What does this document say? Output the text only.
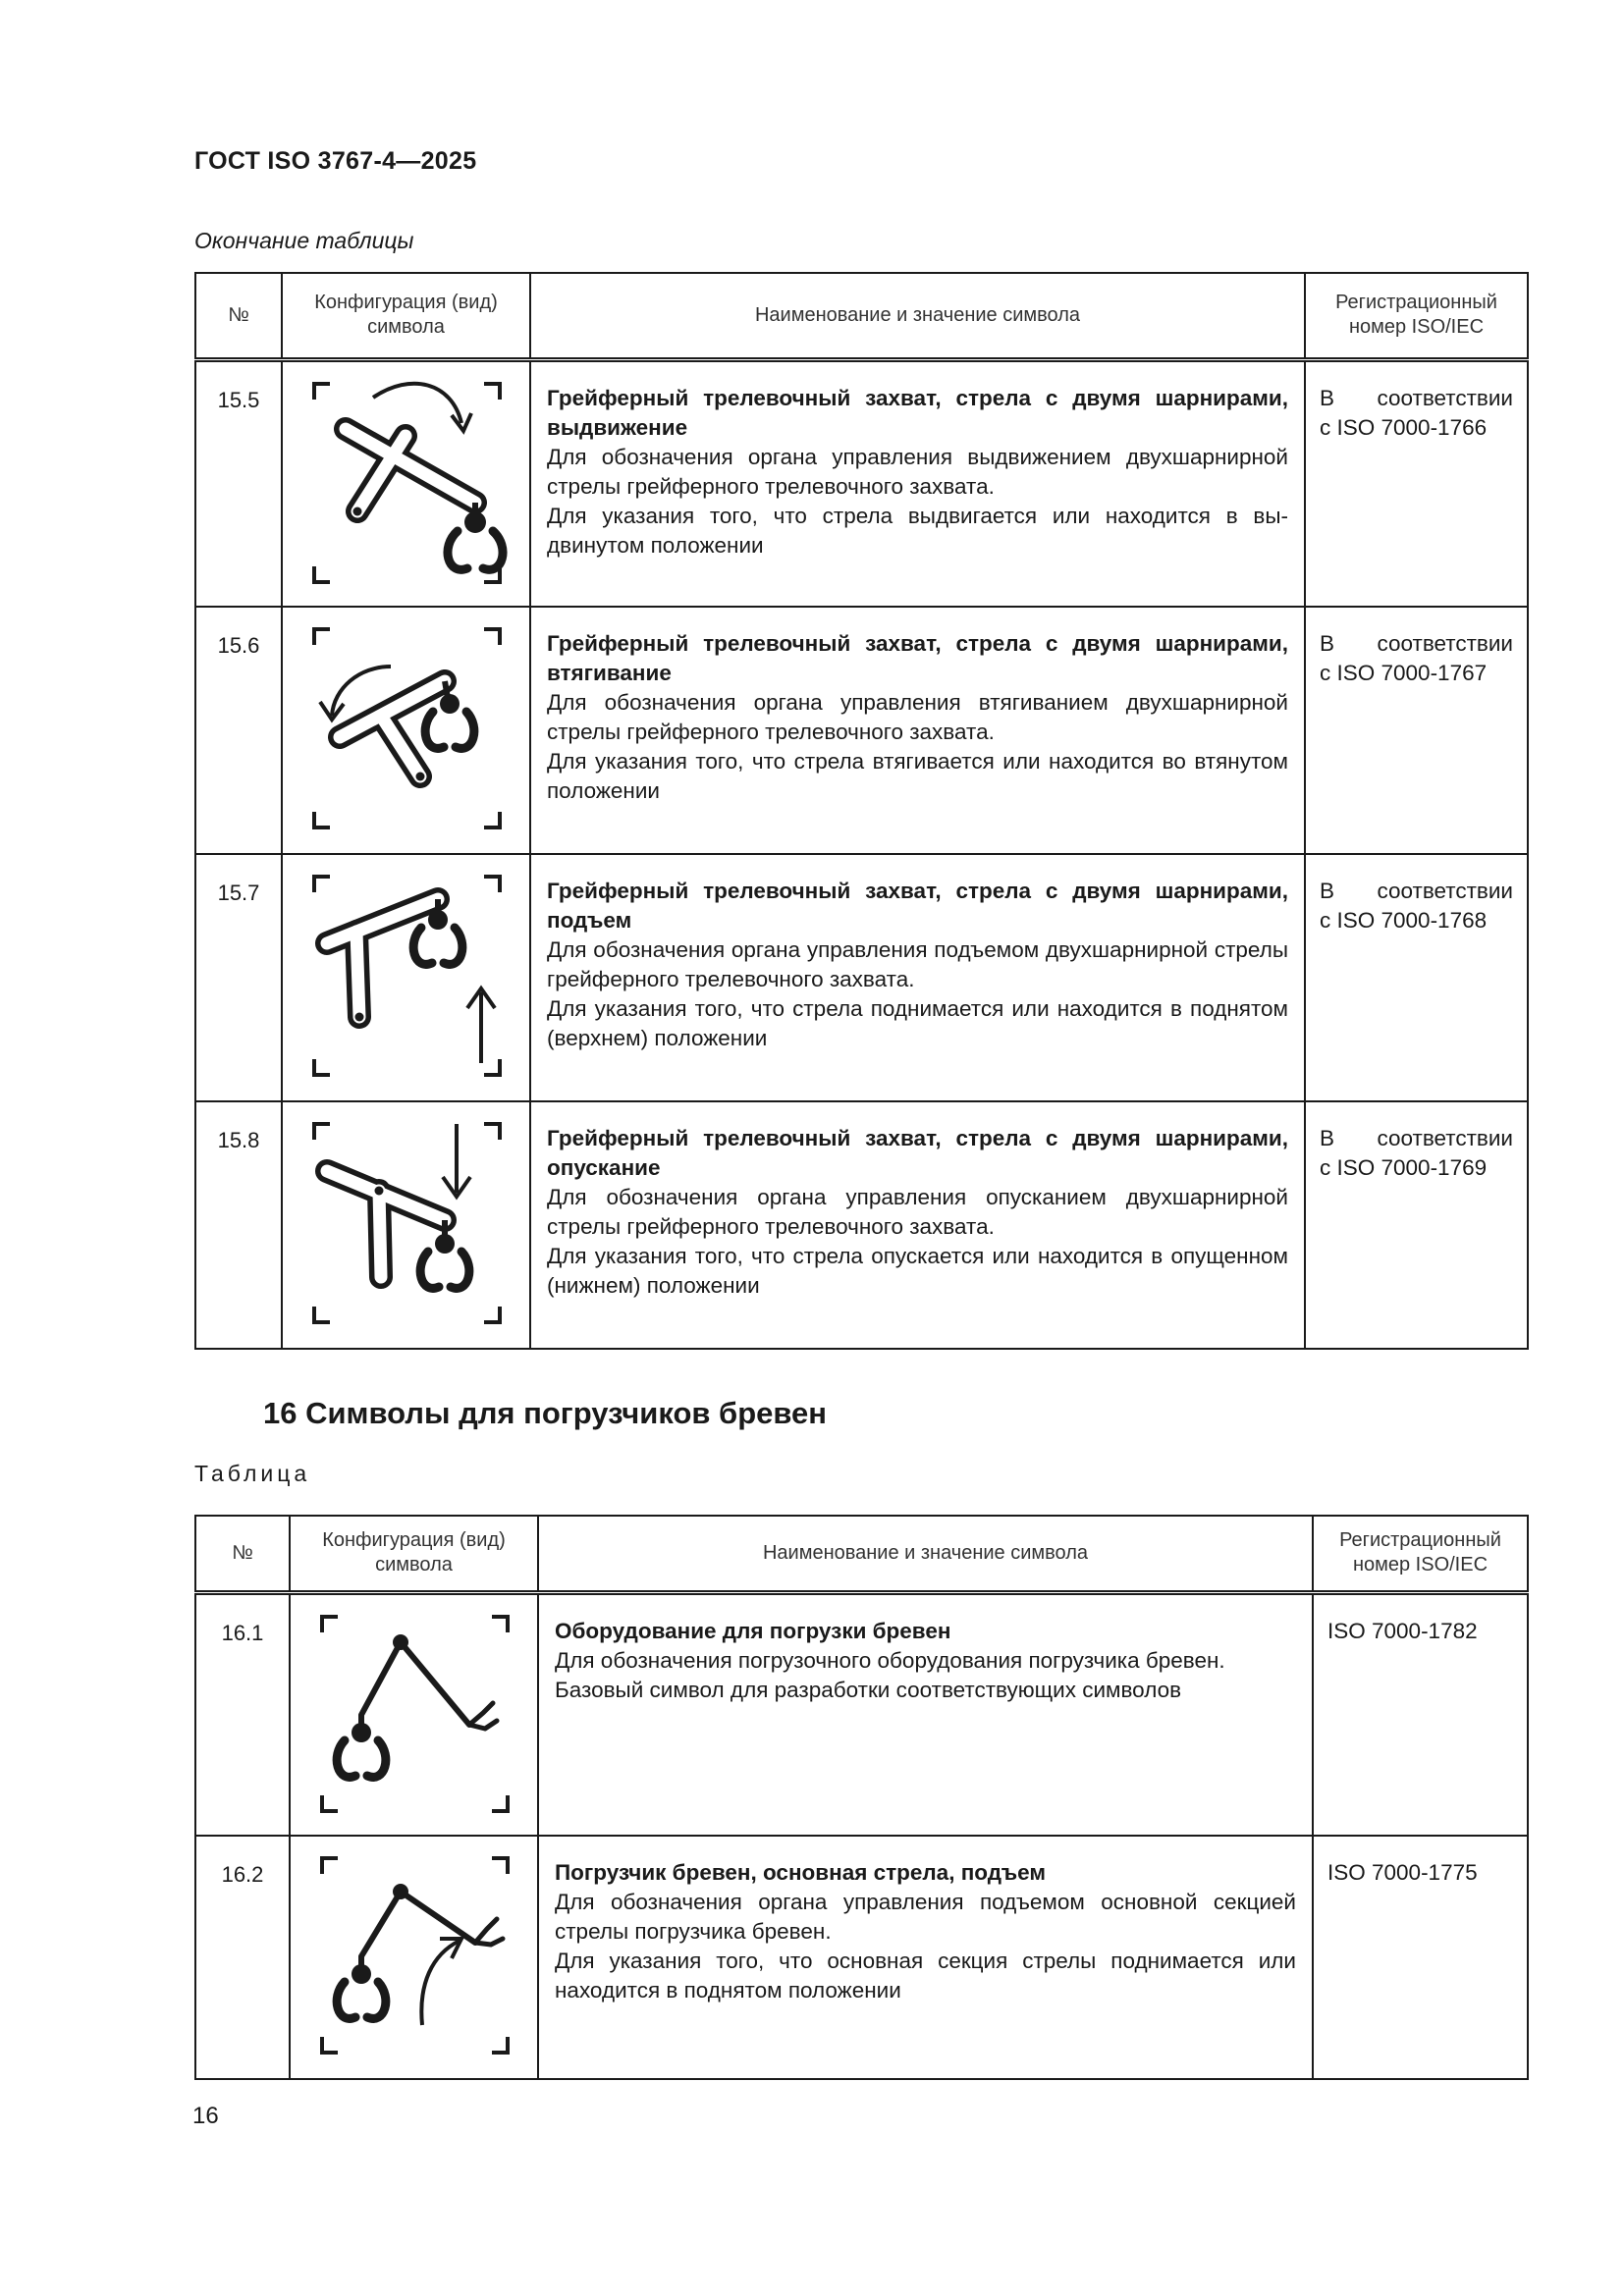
ГОСТ ISO 3767-4—2025
Окончание таблицы
№	Конфигурация (вид) символа	Наименование и значение символа	Регистрационный номер ISO/IEC
15.5		Грейферный трелевочный захват, стрела с двумя шарнирами, выдвижение
Для обозначения органа управления выдвижением двухшарнирной стрелы грейферного трелевочного захвата.
Для указания того, что стрела выдвигается или находится в выдвинутом положении	В соответствии
с ISO 7000-1766

15.6		Грейферный трелевочный захват, стрела с двумя шарнирами, втягивание
Для обозначения органа управления втягиванием двухшарнирной стрелы грейферного трелевочного захвата.
Для указания того, что стрела втягивается или находится во втянутом положении	В соответствии
с ISO 7000-1767

15.7		Грейферный трелевочный захват, стрела с двумя шарнирами, подъем
Для обозначения органа управления подъемом двухшарнирной стрелы грейферного трелевочного захвата.
Для указания того, что стрела поднимается или находится в поднятом (верхнем) положении	В соответствии
с ISO 7000-1768

15.8		Грейферный трелевочный захват, стрела с двумя шарнирами, опускание
Для обозначения органа управления опусканием двухшарнирной стрелы грейферного трелевочного захвата.
Для указания того, что стрела опускается или находится в опущенном (нижнем) положении	В соответствии
с ISO 7000-1769
16 Символы для погрузчиков бревен
Таблица
№	Конфигурация (вид) символа	Наименование и значение символа	Регистрационный номер ISO/IEC
16.1		Оборудование для погрузки бревен
Для обозначения погрузочного оборудования погрузчика бревен.
Базовый символ для разработки соответствующих символов	ISO 7000-1782

16.2		Погрузчик бревен, основная стрела, подъем
Для обозначения органа управления подъемом основной секцией стрелы погрузчика бревен.
Для указания того, что основная секция стрелы поднимается или находится в поднятом положении	ISO 7000-1775
16
